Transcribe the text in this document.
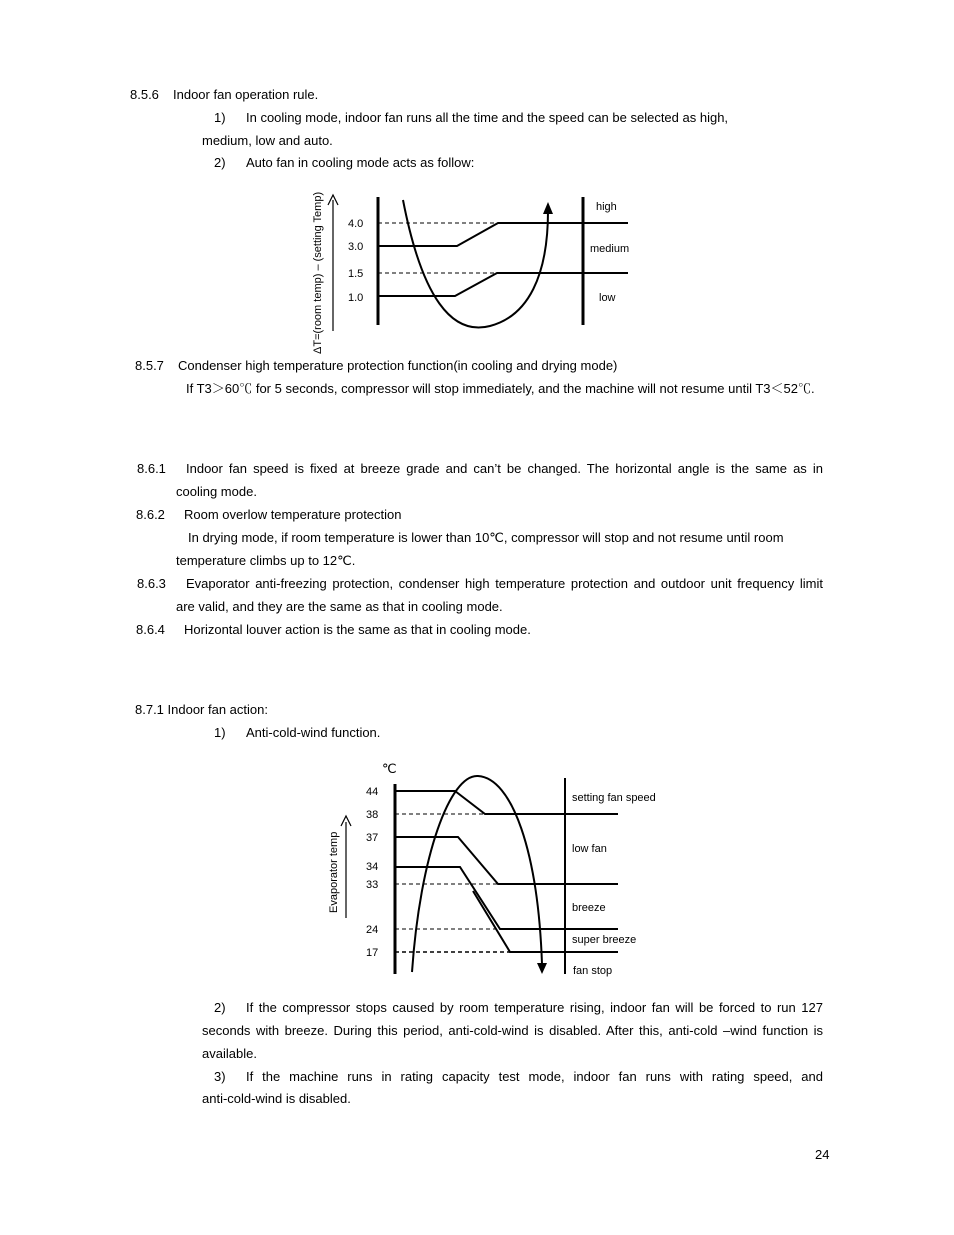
8.5.6 Indoor fan operation rule.
1) In cooling mode, indoor fan runs all the time and the speed can be selected as high,
medium, low and auto.
2) Auto fan in cooling mode acts as follow:
ΔT=(room temp) – (setting Temp) 4.0
3.0
1.5
1.0
high
medium
low
8.5.7 Condenser high temperature protection function(in cooling and drying mode)
If T3＞60℃ for 5 seconds, compressor will stop immediately, and the machine will not resume until T3＜52℃.
8.6.1 Indoor fan speed is fixed at breeze grade and can’t be changed. The horizontal angle is the same as in
cooling mode.
8.6.2 Room overlow temperature protection
In drying mode, if room temperature is lower than 10℃, compressor will stop and not resume until room
temperature climbs up to 12℃.
8.6.3 Evaporator anti-freezing protection, condenser high temperature protection and outdoor unit frequency limit
are valid, and they are the same as that in cooling mode.
8.6.4 Horizontal louver action is the same as that in cooling mode.
8.7.1 Indoor fan action:
1) Anti-cold-wind function.
℃
Evaporator temp
44
38
37
34
33
24
17
setting fan speed
low fan
breeze
super breeze
fan stop
2) If the compressor stops caused by room temperature rising, indoor fan will be forced to run 127
seconds with breeze. During this period, anti-cold-wind is disabled. After this, anti-cold –wind function is
available.
3) If the machine runs in rating capacity test mode, indoor fan runs with rating speed, and
anti-cold-wind is disabled.
24
